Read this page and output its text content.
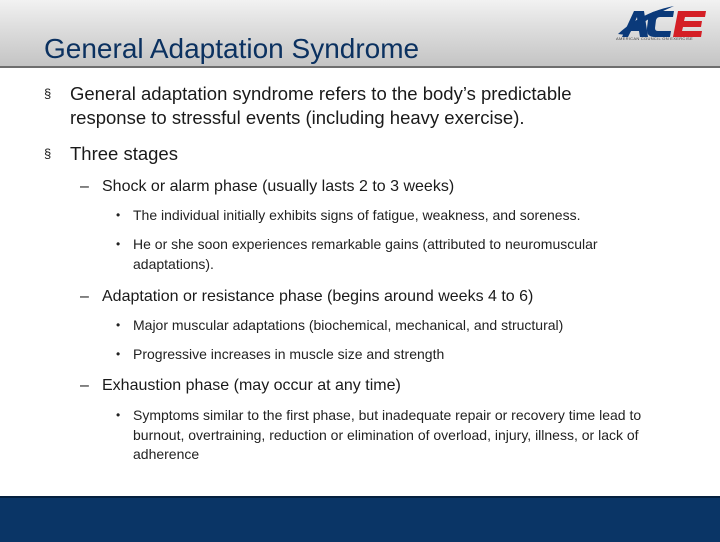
General Adaptation Syndrome	AMERICAN COUNCIL ON EXERCISE
§ General adaptation syndrome refers to the body’s predictable response to stressful events (including heavy exercise).
§ Three stages
– Shock or alarm phase (usually lasts 2 to 3 weeks)
• The individual initially exhibits signs of fatigue, weakness, and soreness.
• He or she soon experiences remarkable gains (attributed to neuromuscular adaptations).
– Adaptation or resistance phase (begins around weeks 4 to 6)
• Major muscular adaptations (biochemical, mechanical, and structural)
• Progressive increases in muscle size and strength
– Exhaustion phase (may occur at any time)
• Symptoms similar to the first phase, but inadequate repair or recovery time lead to burnout, overtraining, reduction or elimination of overload, injury, illness, or lack of adherence
